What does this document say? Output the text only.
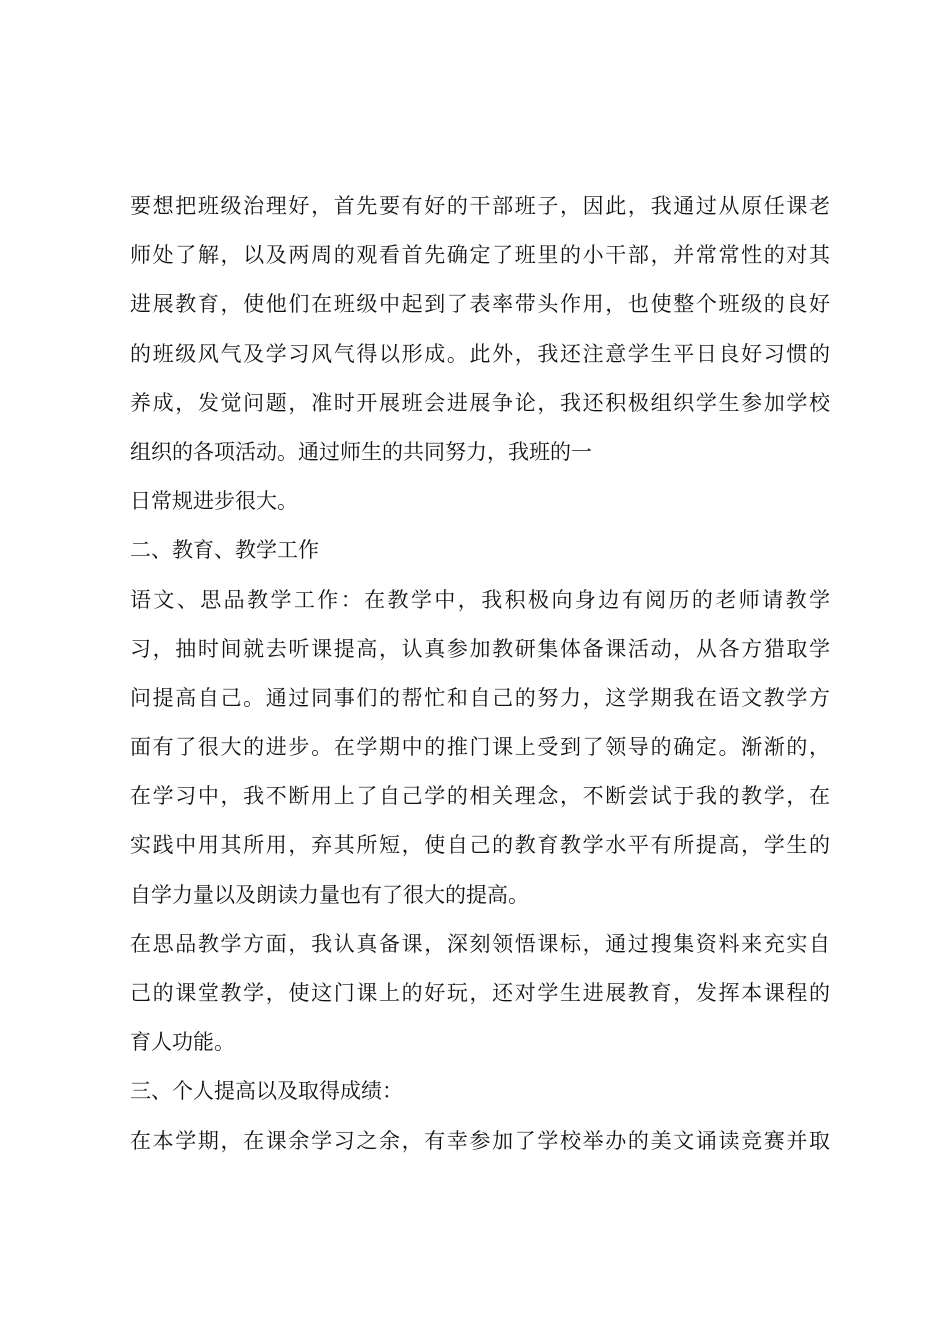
要想把班级治理好，首先要有好的干部班子，因此，我通过从原任课老
师处了解，以及两周的观看首先确定了班里的小干部，并常常性的对其
进展教育，使他们在班级中起到了表率带头作用，也使整个班级的良好
的班级风气及学习风气得以形成。此外，我还注意学生平日良好习惯的
养成，发觉问题，准时开展班会进展争论，我还积极组织学生参加学校
组织的各项活动。通过师生的共同努力，我班的一
日常规进步很大。
二、教育、教学工作
语文、思品教学工作：在教学中，我积极向身边有阅历的老师请教学
习，抽时间就去听课提高，认真参加教研集体备课活动，从各方猎取学
问提高自己。通过同事们的帮忙和自己的努力，这学期我在语文教学方
面有了很大的进步。在学期中的推门课上受到了领导的确定。渐渐的，
在学习中，我不断用上了自己学的相关理念，不断尝试于我的教学，在
实践中用其所用，弃其所短，使自己的教育教学水平有所提高，学生的
自学力量以及朗读力量也有了很大的提高。
在思品教学方面，我认真备课，深刻领悟课标，通过搜集资料来充实自
己的课堂教学，使这门课上的好玩，还对学生进展教育，发挥本课程的
育人功能。
三、个人提高以及取得成绩：
在本学期，在课余学习之余，有幸参加了学校举办的美文诵读竞赛并取
